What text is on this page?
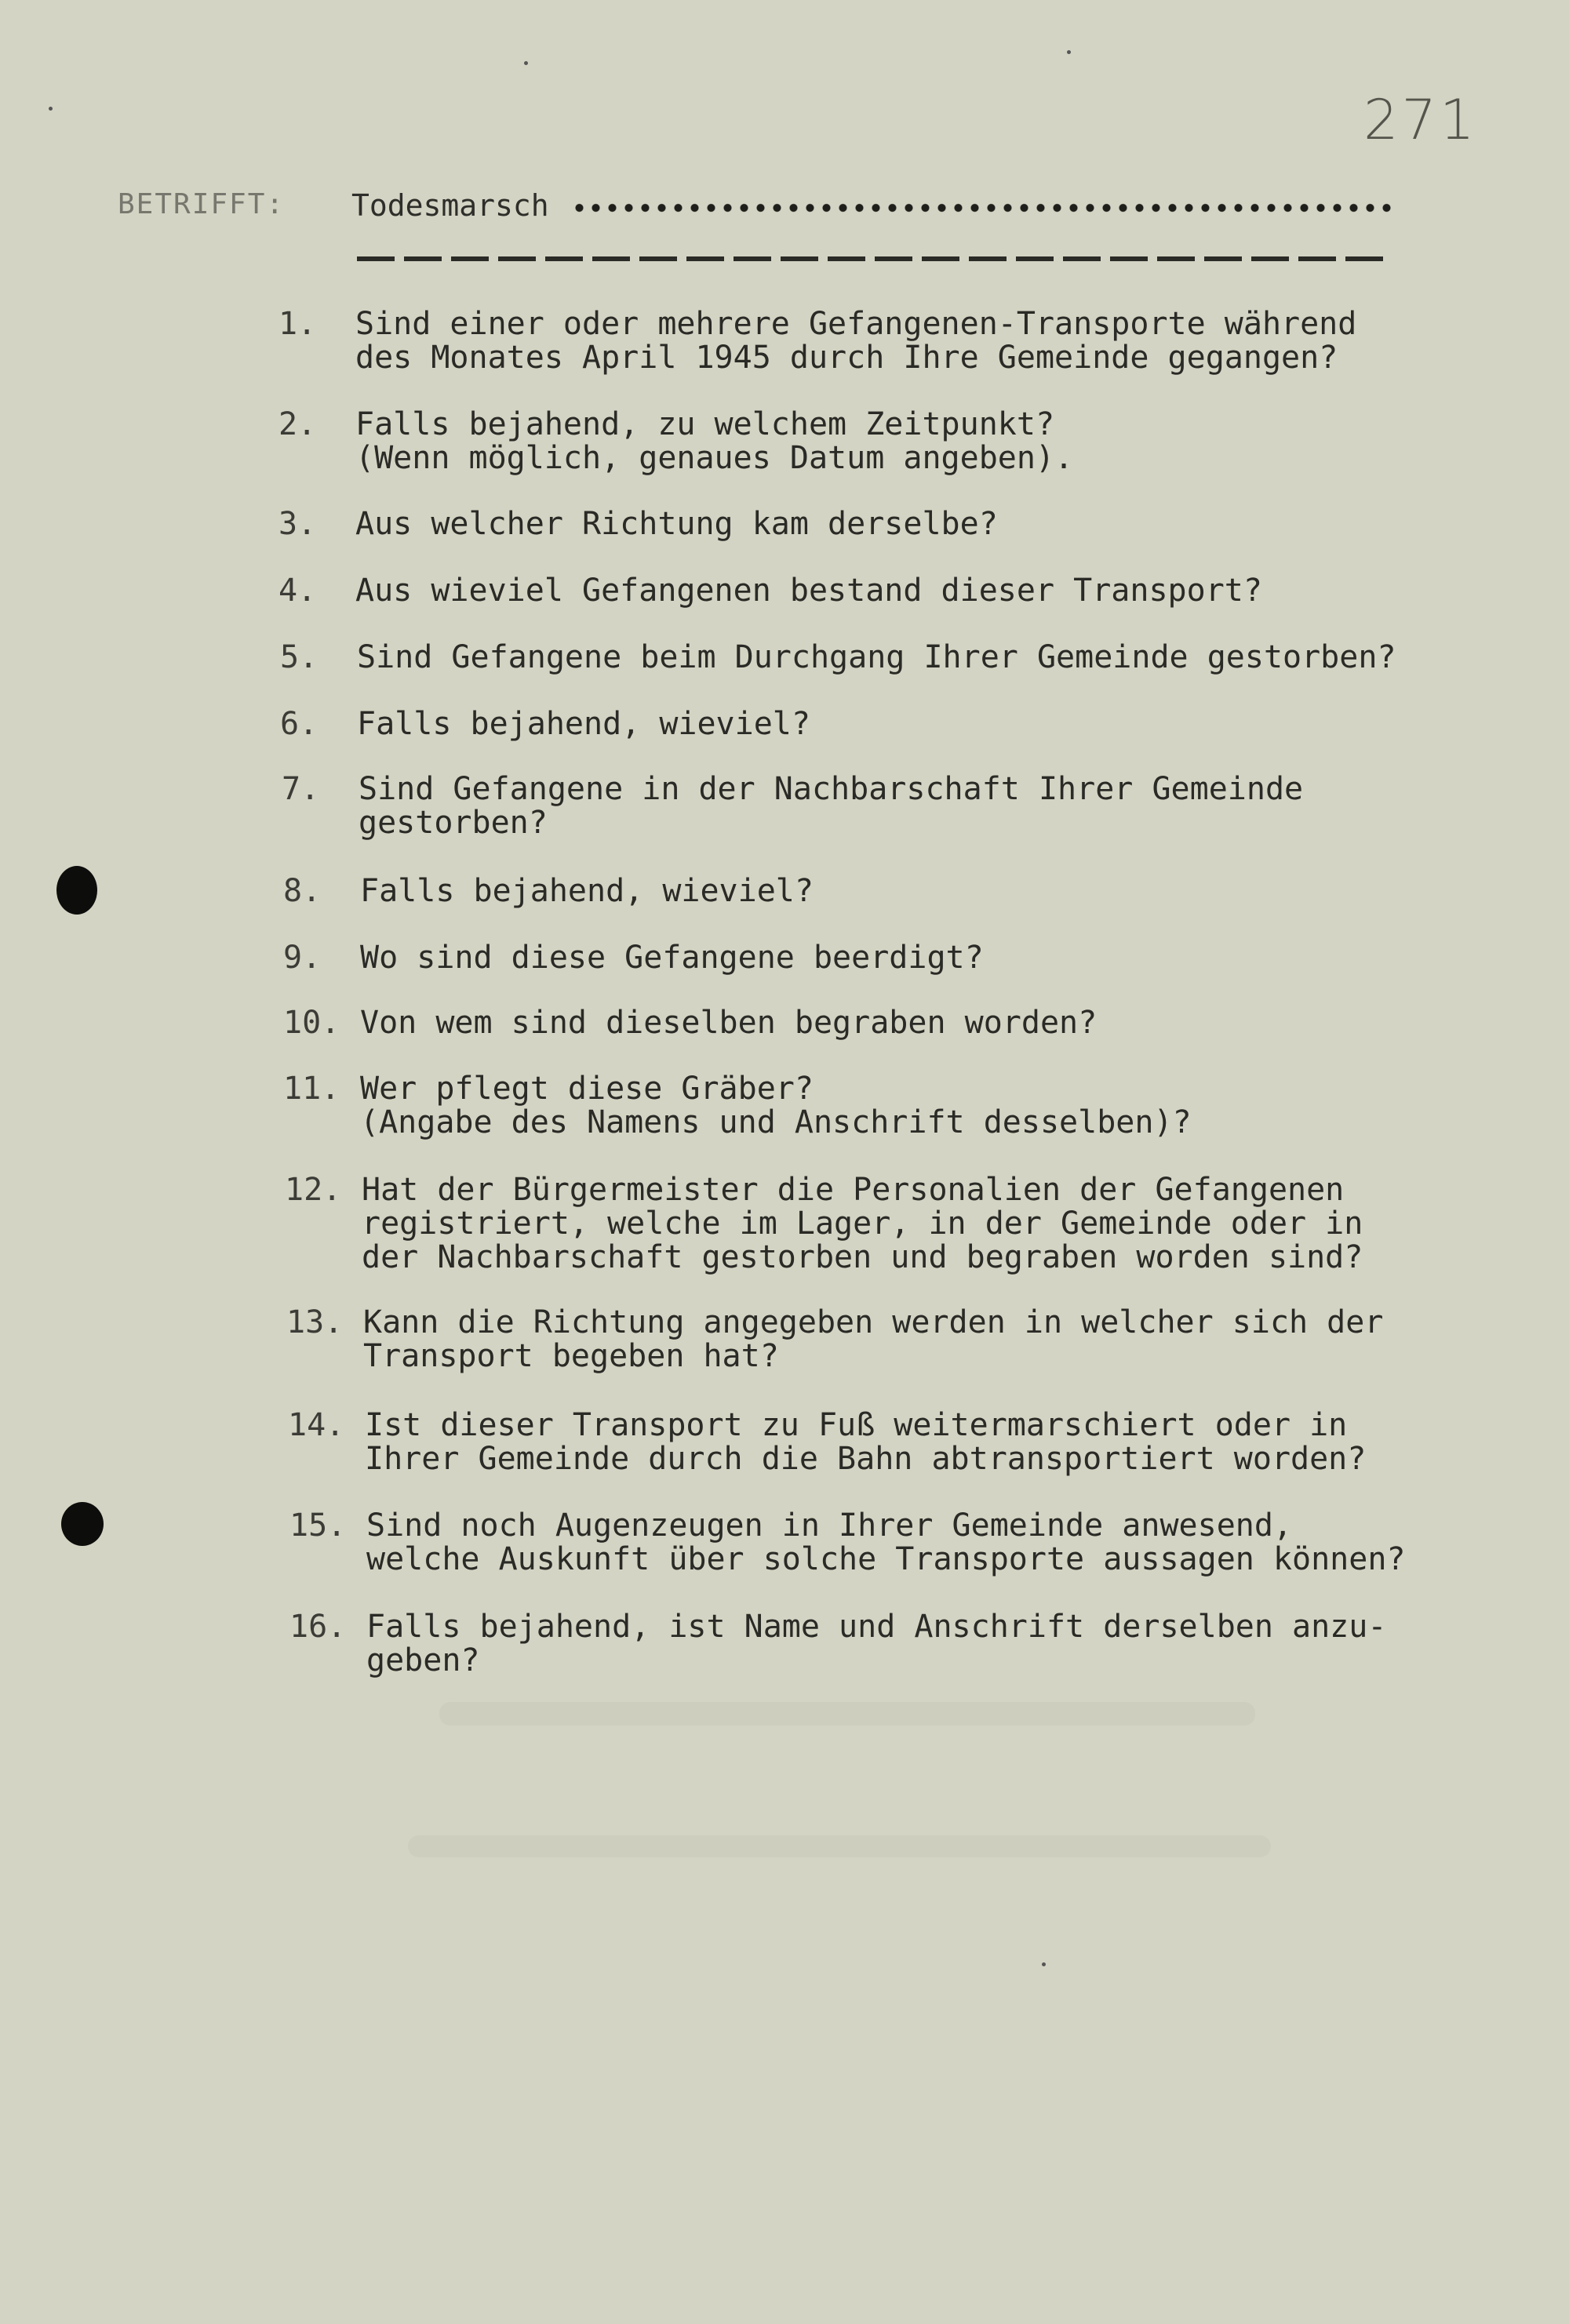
271
BETRIFFT: Todesmarsch
1.	Sind einer oder mehrere Gefangenen-Transporte während
des Monates April 1945 durch Ihre Gemeinde gegangen?
2.	Falls bejahend, zu welchem Zeitpunkt?
(Wenn möglich, genaues Datum angeben).
3.	Aus welcher Richtung kam derselbe?
4.	Aus wieviel Gefangenen bestand dieser Transport?
5.	Sind Gefangene beim Durchgang Ihrer Gemeinde gestorben?
6.	Falls bejahend, wieviel?
7.	Sind Gefangene in der Nachbarschaft Ihrer Gemeinde
gestorben?
8.	Falls bejahend, wieviel?
9.	Wo sind diese Gefangene beerdigt?
10. Von wem sind dieselben begraben worden?
11. Wer pflegt diese Gräber?
(Angabe des Namens und Anschrift desselben)?
12. Hat der Bürgermeister die Personalien der Gefangenen
registriert, welche im Lager, in der Gemeinde oder in
der Nachbarschaft gestorben und begraben worden sind?
13. Kann die Richtung angegeben werden in welcher sich der
Transport begeben hat?
14. Ist dieser Transport zu Fuß weitermarschiert oder in
Ihrer Gemeinde durch die Bahn abtransportiert worden?
15. Sind noch Augenzeugen in Ihrer Gemeinde anwesend,
welche Auskunft über solche Transporte aussagen können?
16. Falls bejahend, ist Name und Anschrift derselben anzu-
geben?
